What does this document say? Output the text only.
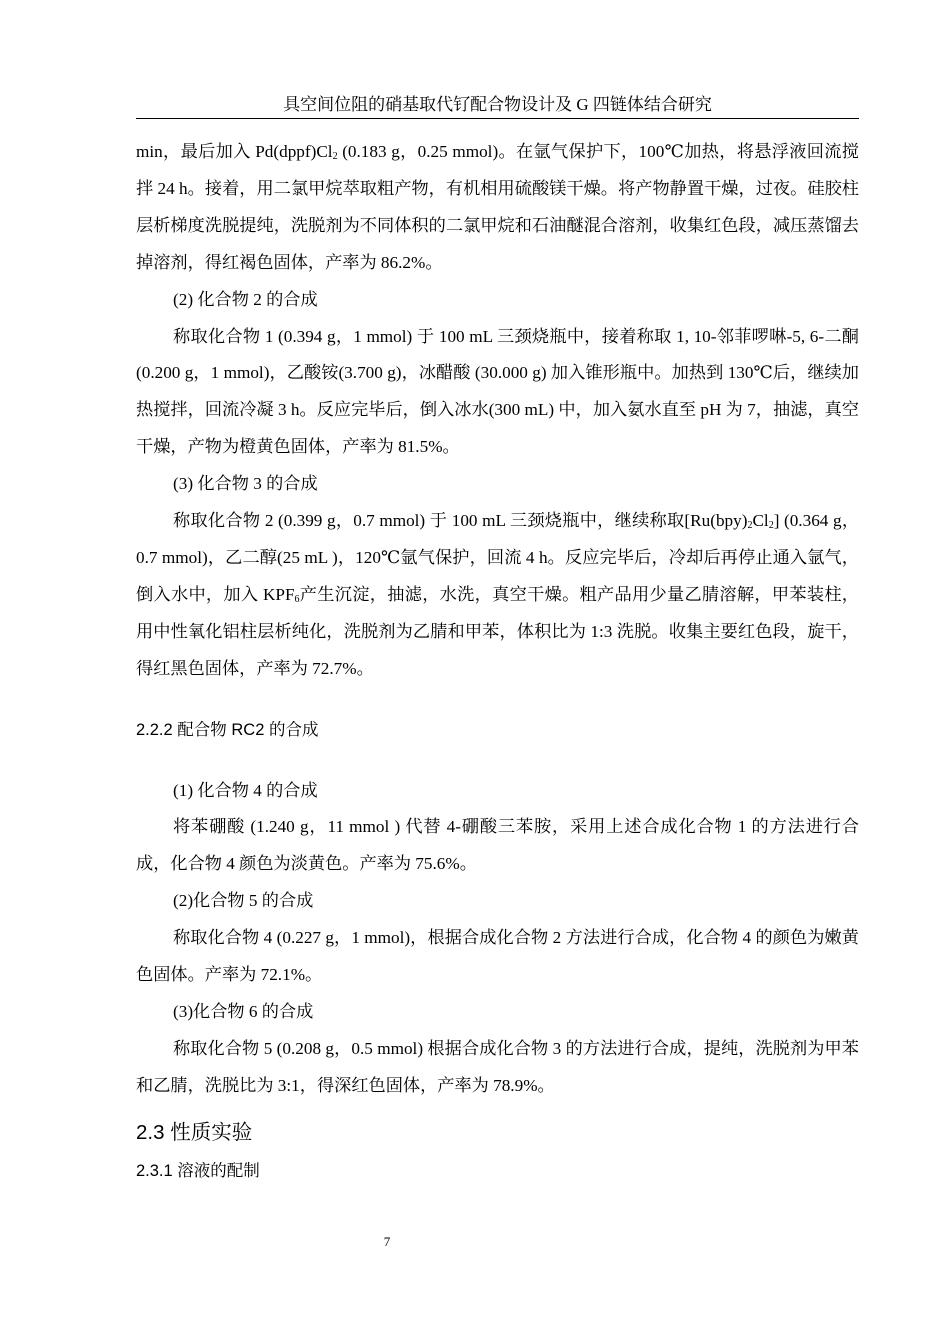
具空间位阻的硝基取代钌配合物设计及 G 四链体结合研究

min，最后加入 $Pd(dppf)Cl_2$ (0.183 g，0.25 mmol)。在氩气保护下，100℃加热，将悬浮液回流搅拌 24 h。接着，用二氯甲烷萃取粗产物，有机相用硫酸镁干燥。将产物静置干燥，过夜。硅胶柱层析梯度洗脱提纯，洗脱剂为不同体积的二氯甲烷和石油醚混合溶剂，收集红色段，减压蒸馏去掉溶剂，得红褐色固体，产率为 86.2%。

(2) 化合物 2 的合成

称取化合物 1 (0.394 g，1 mmol) 于 100 mL 三颈烧瓶中，接着称取 1, 10-邻菲啰啉-5, 6-二酮 (0.200 g，1 mmol)，乙酸铵(3.700 g)，冰醋酸 (30.000 g) 加入锥形瓶中。加热到 130℃后，继续加热搅拌，回流冷凝 3 h。反应完毕后，倒入冰水(300 mL) 中，加入氨水直至 pH 为 7，抽滤，真空干燥，产物为橙黄色固体，产率为 81.5%。

(3) 化合物 3 的合成

称取化合物 2 (0.399 g，0.7 mmol) 于 100 mL 三颈烧瓶中，继续称取$[Ru(bpy)_2Cl_2]$ (0.364 g，0.7 mmol)，乙二醇(25 mL )，120℃氩气保护，回流 4 h。反应完毕后，冷却后再停止通入氩气，倒入水中，加入 $KPF_6$产生沉淀，抽滤，水洗，真空干燥。粗产品用少量乙腈溶解，甲苯装柱，用中性氧化铝柱层析纯化，洗脱剂为乙腈和甲苯，体积比为 1:3 洗脱。收集主要红色段，旋干，得红黑色固体，产率为 72.7%。

2.2.2 配合物 RC2 的合成

(1) 化合物 4 的合成

将苯硼酸 (1.240 g，11 mmol ) 代替 4-硼酸三苯胺，采用上述合成化合物 1 的方法进行合成，化合物 4 颜色为淡黄色。产率为 75.6%。

(2)化合物 5 的合成

称取化合物 4 (0.227 g，1 mmol)，根据合成化合物 2 方法进行合成，化合物 4 的颜色为嫩黄色固体。产率为 72.1%。

(3)化合物 6 的合成

称取化合物 5 (0.208 g，0.5 mmol) 根据合成化合物 3 的方法进行合成，提纯，洗脱剂为甲苯和乙腈，洗脱比为 3:1，得深红色固体，产率为 78.9%。

2.3 性质实验

2.3.1 溶液的配制

7
